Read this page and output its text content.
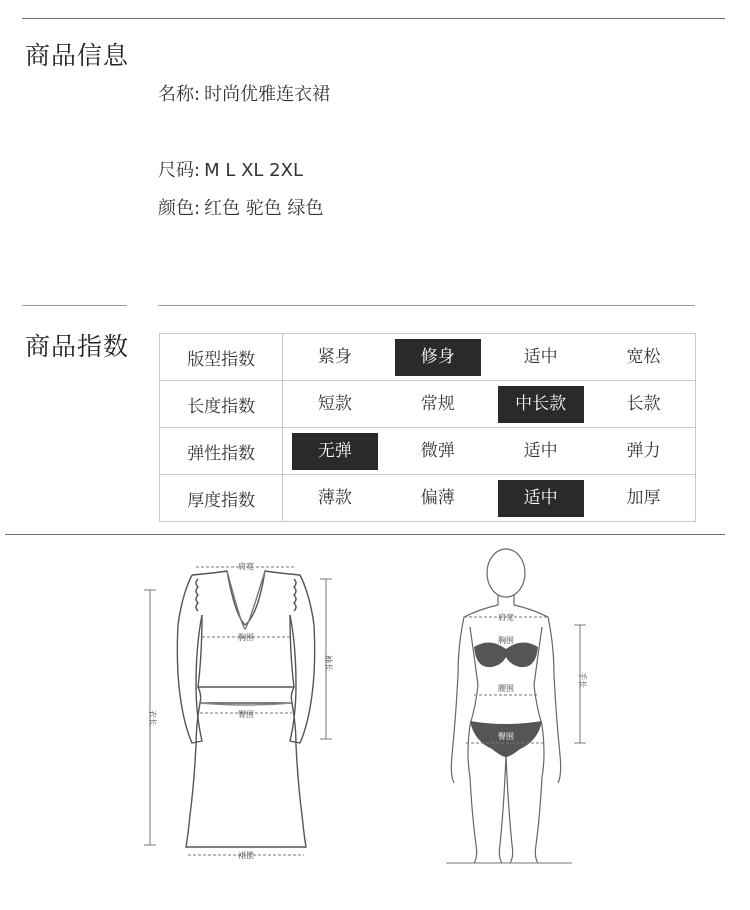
商品信息
名称: 时尚优雅连衣裙
尺码: M L XL 2XL
颜色: 红色 驼色 绿色
商品指数	版型指数	紧身	修身	适中	宽松
长度指数	短款	常规	中长款	长款
弹性指数	无弹	微弹	适中	弹力
厚度指数	薄款	偏薄	适中	加厚
肩宽
胸围
臀围
裙摆
袖长
衣长
肩宽
胸围
腰围
臀围
手长
